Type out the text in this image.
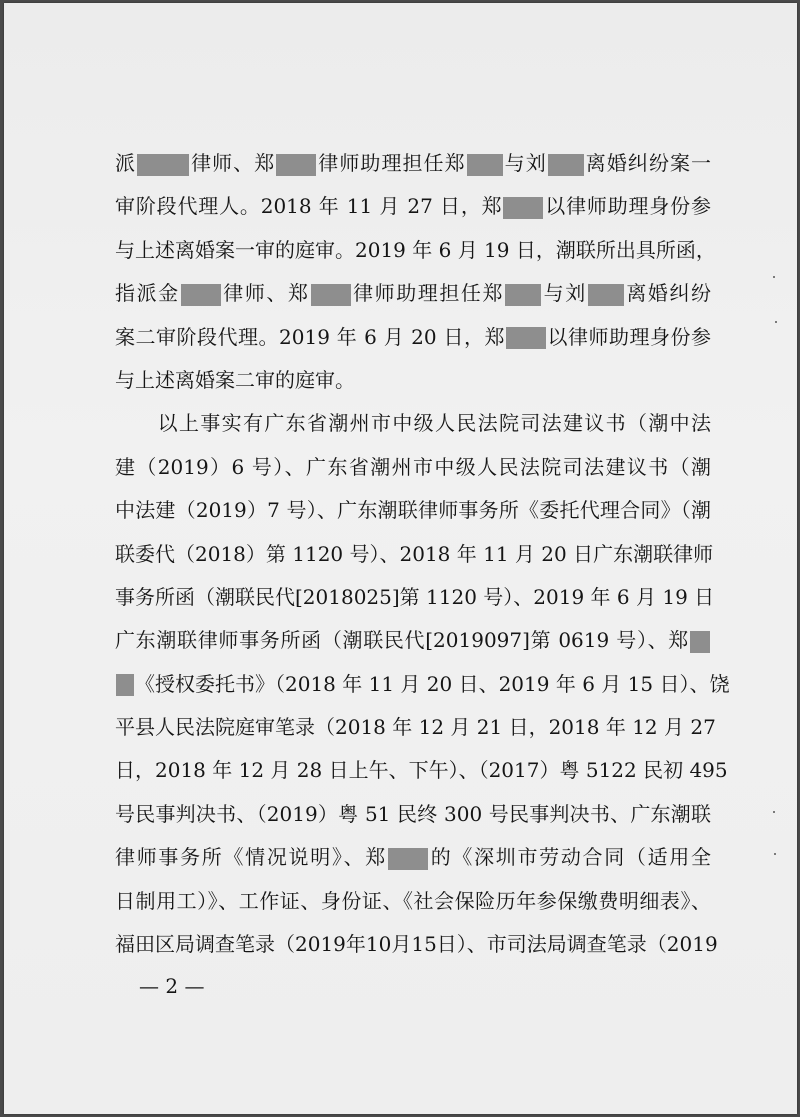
派	律师、郑 律师助理担任郑 与刘 离婚纠纷案一
审阶段代理人。2018 年 11 月 27 日，郑 以律师助理身份参
与上述离婚案一审的庭审。2019 年 6 月 19 日，潮联所出具所函，
指派金 律师、郑 律师助理担任郑 与刘 离婚纠纷
案二审阶段代理。2019 年 6 月 20 日，郑 以律师助理身份参
与上述离婚案二审的庭审。
　　以上事实有广东省潮州市中级人民法院司法建议书（潮中法
建（2019）6 号）、广东省潮州市中级人民法院司法建议书（潮
中法建（2019）7 号）、广东潮联律师事务所《委托代理合同》（潮
联委代（2018）第 1120 号）、2018 年 11 月 20 日广东潮联律师
事务所函（潮联民代[2018025]第 1120 号）、2019 年 6 月 19 日
广东潮联律师事务所函（潮联民代[2019097]第 0619 号）、郑
《授权委托书》（2018 年 11 月 20 日、2019 年 6 月 15 日）、饶
平县人民法院庭审笔录（2018 年 12 月 21 日，2018 年 12 月 27
日，2018 年 12 月 28 日上午、下午）、（2017）粤 5122 民初 495
号民事判决书、（2019）粤 51 民终 300 号民事判决书、广东潮联
律师事务所《情况说明》、郑 的《深圳市劳动合同（适用全
日制用工）》、工作证、身份证、《社会保险历年参保缴费明细表》、
福田区局调查笔录（2019年10月15日）、市司法局调查笔录（2019
— 2 —
